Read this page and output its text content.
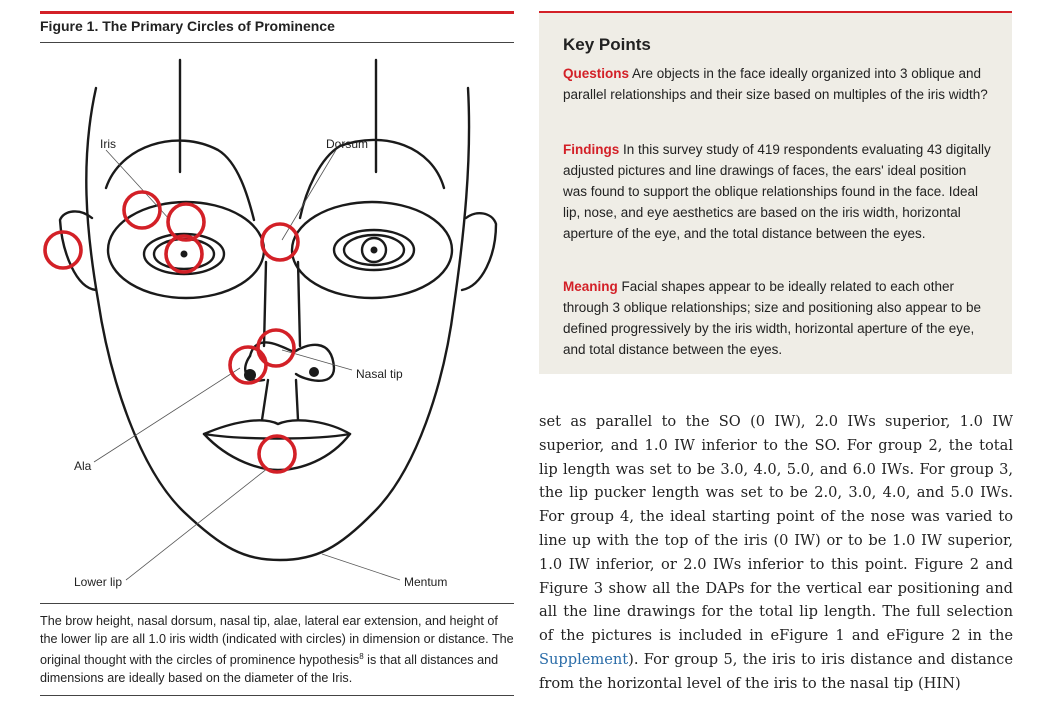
Figure 1. The Primary Circles of Prominence
Iris	Dorsum
Nasal tip
Ala
Lower lip	Mentum
The brow height, nasal dorsum, nasal tip, alae, lateral ear extension, and height of the lower lip are all 1.0 iris width (indicated with circles) in dimension or distance. The original thought with the circles of prominence hypothesis$^8$ is that all distances and dimensions are ideally based on the diameter of the Iris.
Key Points
Questions Are objects in the face ideally organized into 3 oblique and parallel relationships and their size based on multiples of the iris width?
Findings In this survey study of 419 respondents evaluating 43 digitally adjusted pictures and line drawings of faces, the ears' ideal position was found to support the oblique relationships found in the face. Ideal lip, nose, and eye aesthetics are based on the iris width, horizontal aperture of the eye, and the total distance between the eyes.
Meaning Facial shapes appear to be ideally related to each other through 3 oblique relationships; size and positioning also appear to be defined progressively by the iris width, horizontal aperture of the eye, and total distance between the eyes.
set as parallel to the SO (0 IW), 2.0 IWs superior, 1.0 IW superior, and 1.0 IW inferior to the SO. For group 2, the total lip length was set to be 3.0, 4.0, 5.0, and 6.0 IWs. For group 3, the lip pucker length was set to be 2.0, 3.0, 4.0, and 5.0 IWs. For group 4, the ideal starting point of the nose was varied to line up with the top of the iris (0 IW) or to be 1.0 IW superior, 1.0 IW inferior, or 2.0 IWs inferior to this point. Figure 2 and Figure 3 show all the DAPs for the vertical ear positioning and all the line drawings for the total lip length. The full selection of the pictures is included in eFigure 1 and eFigure 2 in the Supplement). For group 5, the iris to iris distance and distance from the horizontal level of the iris to the nasal tip (HIN)
